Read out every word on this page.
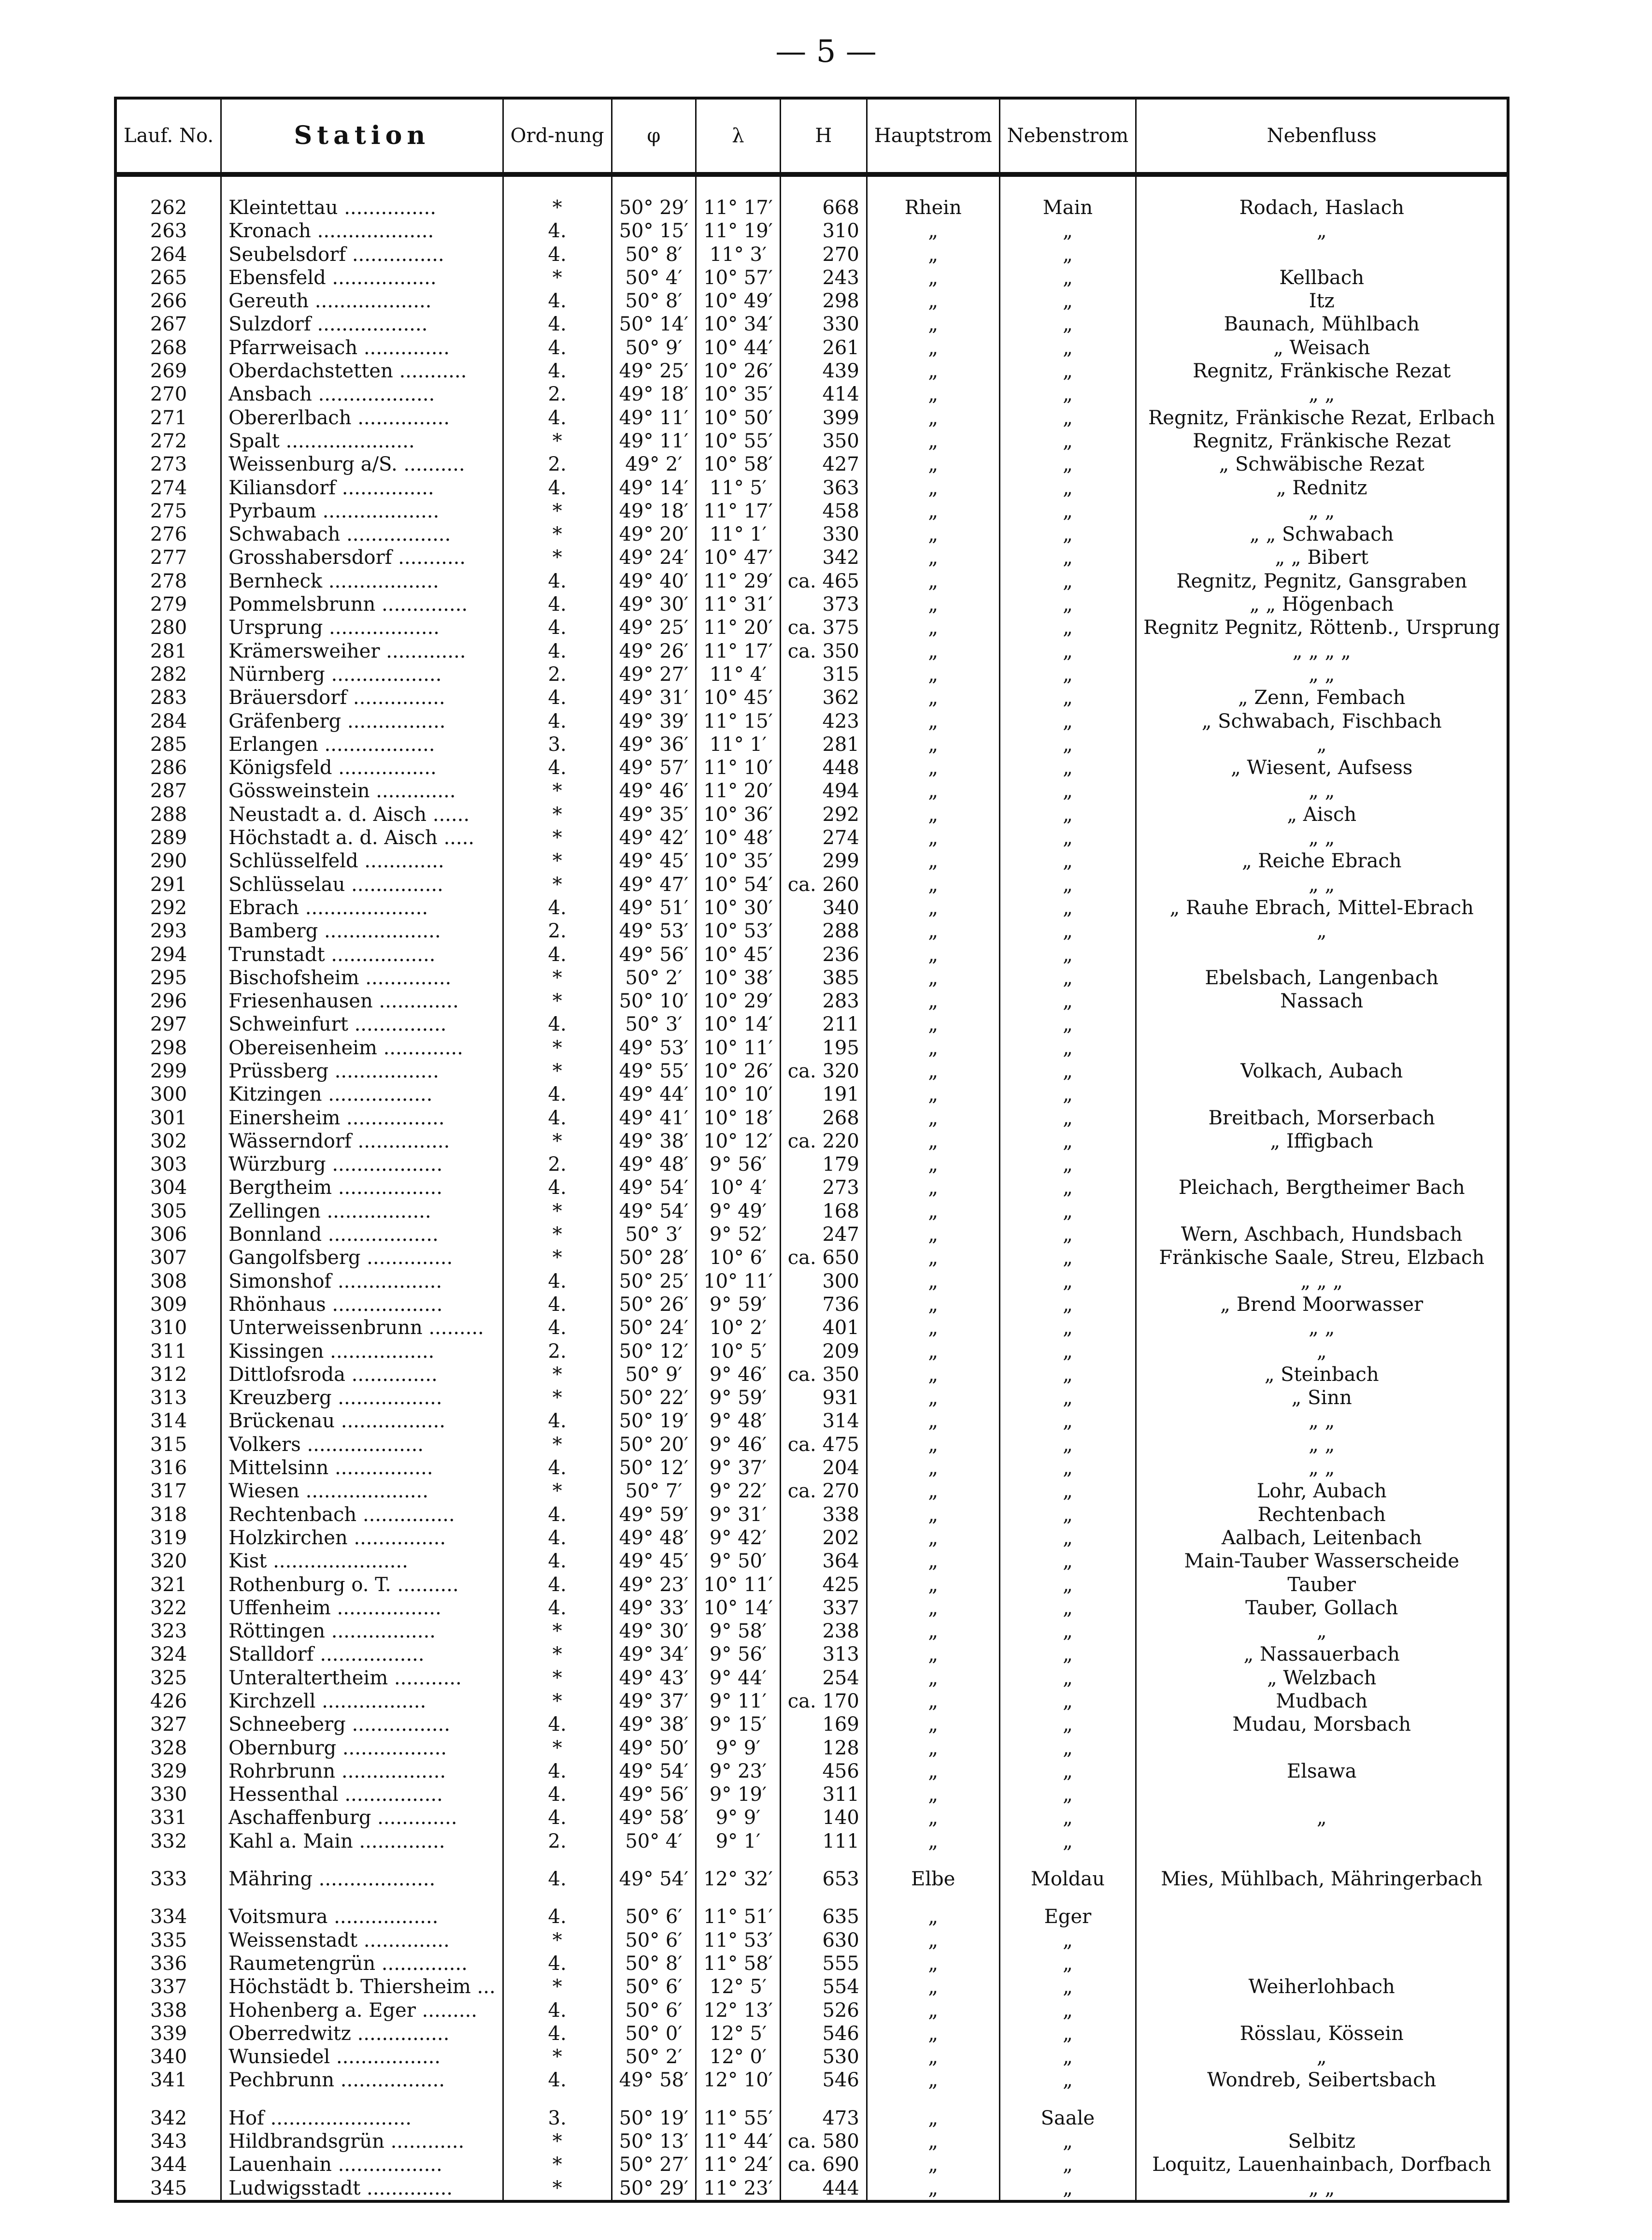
— 5 —
Lauf. No.	Station	Ord-nung	φ	λ	H	Hauptstrom	Nebenstrom	Nebenfluss
262	Kleintettau ...............	*	50° 29′	11° 17′	668	Rhein	Main	Rodach, Haslach
263	Kronach ...................	4.	50° 15′	11° 19′	310	„	„	„
264	Seubelsdorf ...............	4.	50° 8′	11° 3′	270	„	„	
265	Ebensfeld .................	*	50° 4′	10° 57′	243	„	„	Kellbach
266	Gereuth ...................	4.	50° 8′	10° 49′	298	„	„	Itz
267	Sulzdorf ..................	4.	50° 14′	10° 34′	330	„	„	Baunach, Mühlbach
268	Pfarrweisach ..............	4.	50° 9′	10° 44′	261	„	„	„ Weisach
269	Oberdachstetten ...........	4.	49° 25′	10° 26′	439	„	„	Regnitz, Fränkische Rezat
270	Ansbach ...................	2.	49° 18′	10° 35′	414	„	„	„ „
271	Obererlbach ...............	4.	49° 11′	10° 50′	399	„	„	Regnitz, Fränkische Rezat, Erlbach
272	Spalt .....................	*	49° 11′	10° 55′	350	„	„	Regnitz, Fränkische Rezat
273	Weissenburg a/S. ..........	2.	49° 2′	10° 58′	427	„	„	„ Schwäbische Rezat
274	Kiliansdorf ...............	4.	49° 14′	11° 5′	363	„	„	„ Rednitz
275	Pyrbaum ...................	*	49° 18′	11° 17′	458	„	„	„ „
276	Schwabach .................	*	49° 20′	11° 1′	330	„	„	„ „ Schwabach
277	Grosshabersdorf ...........	*	49° 24′	10° 47′	342	„	„	„ „ Bibert
278	Bernheck ..................	4.	49° 40′	11° 29′	ca. 465	„	„	Regnitz, Pegnitz, Gansgraben
279	Pommelsbrunn ..............	4.	49° 30′	11° 31′	373	„	„	„ „ Högenbach
280	Ursprung ..................	4.	49° 25′	11° 20′	ca. 375	„	„	Regnitz Pegnitz, Röttenb., Ursprung
281	Krämersweiher .............	4.	49° 26′	11° 17′	ca. 350	„	„	„ „ „ „
282	Nürnberg ..................	2.	49° 27′	11° 4′	315	„	„	„ „
283	Bräuersdorf ...............	4.	49° 31′	10° 45′	362	„	„	„ Zenn, Fembach
284	Gräfenberg ................	4.	49° 39′	11° 15′	423	„	„	„ Schwabach, Fischbach
285	Erlangen ..................	3.	49° 36′	11° 1′	281	„	„	„
286	Königsfeld ................	4.	49° 57′	11° 10′	448	„	„	„ Wiesent, Aufsess
287	Gössweinstein .............	*	49° 46′	11° 20′	494	„	„	„ „
288	Neustadt a. d. Aisch ......	*	49° 35′	10° 36′	292	„	„	„ Aisch
289	Höchstadt a. d. Aisch .....	*	49° 42′	10° 48′	274	„	„	„ „
290	Schlüsselfeld .............	*	49° 45′	10° 35′	299	„	„	„ Reiche Ebrach
291	Schlüsselau ...............	*	49° 47′	10° 54′	ca. 260	„	„	„ „
292	Ebrach ....................	4.	49° 51′	10° 30′	340	„	„	„ Rauhe Ebrach, Mittel-Ebrach
293	Bamberg ...................	2.	49° 53′	10° 53′	288	„	„	„
294	Trunstadt .................	4.	49° 56′	10° 45′	236	„	„	
295	Bischofsheim ..............	*	50° 2′	10° 38′	385	„	„	Ebelsbach, Langenbach
296	Friesenhausen .............	*	50° 10′	10° 29′	283	„	„	Nassach
297	Schweinfurt ...............	4.	50° 3′	10° 14′	211	„	„	
298	Obereisenheim .............	*	49° 53′	10° 11′	195	„	„	
299	Prüssberg .................	*	49° 55′	10° 26′	ca. 320	„	„	Volkach, Aubach
300	Kitzingen .................	4.	49° 44′	10° 10′	191	„	„	
301	Einersheim ................	4.	49° 41′	10° 18′	268	„	„	Breitbach, Morserbach
302	Wässerndorf ...............	*	49° 38′	10° 12′	ca. 220	„	„	„ Iffigbach
303	Würzburg ..................	2.	49° 48′	9° 56′	179	„	„	
304	Bergtheim .................	4.	49° 54′	10° 4′	273	„	„	Pleichach, Bergtheimer Bach
305	Zellingen .................	*	49° 54′	9° 49′	168	„	„	
306	Bonnland ..................	*	50° 3′	9° 52′	247	„	„	Wern, Aschbach, Hundsbach
307	Gangolfsberg ..............	*	50° 28′	10° 6′	ca. 650	„	„	Fränkische Saale, Streu, Elzbach
308	Simonshof .................	4.	50° 25′	10° 11′	300	„	„	„ „ „
309	Rhönhaus ..................	4.	50° 26′	9° 59′	736	„	„	„ Brend Moorwasser
310	Unterweissenbrunn .........	4.	50° 24′	10° 2′	401	„	„	„ „
311	Kissingen .................	2.	50° 12′	10° 5′	209	„	„	„
312	Dittlofsroda ..............	*	50° 9′	9° 46′	ca. 350	„	„	„ Steinbach
313	Kreuzberg .................	*	50° 22′	9° 59′	931	„	„	„ Sinn
314	Brückenau .................	4.	50° 19′	9° 48′	314	„	„	„ „
315	Volkers ...................	*	50° 20′	9° 46′	ca. 475	„	„	„ „
316	Mittelsinn ................	4.	50° 12′	9° 37′	204	„	„	„ „
317	Wiesen ....................	*	50° 7′	9° 22′	ca. 270	„	„	Lohr, Aubach
318	Rechtenbach ...............	4.	49° 59′	9° 31′	338	„	„	Rechtenbach
319	Holzkirchen ...............	4.	49° 48′	9° 42′	202	„	„	Aalbach, Leitenbach
320	Kist ......................	4.	49° 45′	9° 50′	364	„	„	Main-Tauber Wasserscheide
321	Rothenburg o. T. ..........	4.	49° 23′	10° 11′	425	„	„	Tauber
322	Uffenheim .................	4.	49° 33′	10° 14′	337	„	„	Tauber, Gollach
323	Röttingen .................	*	49° 30′	9° 58′	238	„	„	„
324	Stalldorf .................	*	49° 34′	9° 56′	313	„	„	„ Nassauerbach
325	Unteraltertheim ...........	*	49° 43′	9° 44′	254	„	„	„ Welzbach
426	Kirchzell .................	*	49° 37′	9° 11′	ca. 170	„	„	Mudbach
327	Schneeberg ................	4.	49° 38′	9° 15′	169	„	„	Mudau, Morsbach
328	Obernburg .................	*	49° 50′	9° 9′	128	„	„	
329	Rohrbrunn .................	4.	49° 54′	9° 23′	456	„	„	Elsawa
330	Hessenthal ................	4.	49° 56′	9° 19′	311	„	„	
331	Aschaffenburg .............	4.	49° 58′	9° 9′	140	„	„	„
332	Kahl a. Main ..............	2.	50° 4′	9° 1′	111	„	„	
333	Mähring ...................	4.	49° 54′	12° 32′	653	Elbe	Moldau	Mies, Mühlbach, Mähringerbach
334	Voitsmura .................	4.	50° 6′	11° 51′	635	„	Eger	
335	Weissenstadt ..............	*	50° 6′	11° 53′	630	„	„	
336	Raumetengrün ..............	4.	50° 8′	11° 58′	555	„	„	
337	Höchstädt b. Thiersheim ...	*	50° 6′	12° 5′	554	„	„	Weiherlohbach
338	Hohenberg a. Eger .........	4.	50° 6′	12° 13′	526	„	„	
339	Oberredwitz ...............	4.	50° 0′	12° 5′	546	„	„	Rösslau, Kössein
340	Wunsiedel .................	*	50° 2′	12° 0′	530	„	„	„
341	Pechbrunn .................	4.	49° 58′	12° 10′	546	„	„	Wondreb, Seibertsbach
342	Hof .......................	3.	50° 19′	11° 55′	473	„	Saale	
343	Hildbrandsgrün ............	*	50° 13′	11° 44′	ca. 580	„	„	Selbitz
344	Lauenhain .................	*	50° 27′	11° 24′	ca. 690	„	„	Loquitz, Lauenhainbach, Dorfbach
345	Ludwigsstadt ..............	*	50° 29′	11° 23′	444	„	„	„ „
